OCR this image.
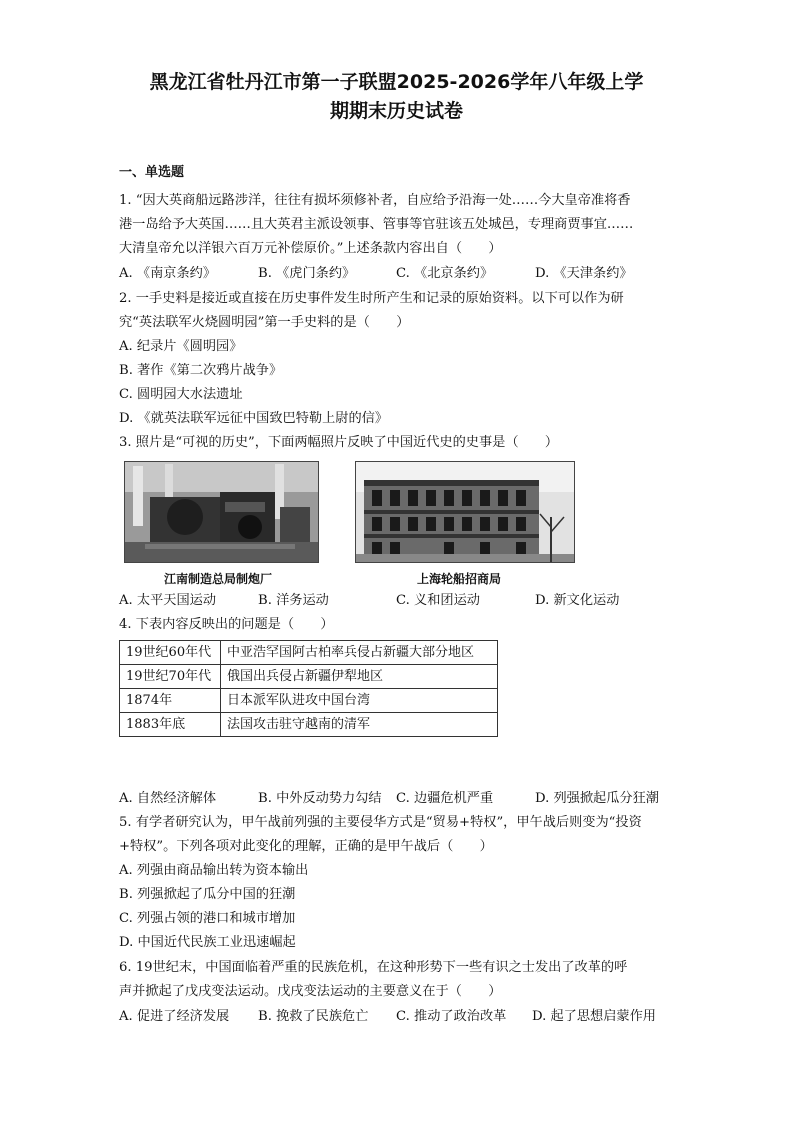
黑龙江省牡丹江市第一子联盟2025-2026学年八年级上学
期期末历史试卷
一、单选题
1. “因大英商船远路涉洋，往往有损坏须修补者，自应给予沿海一处……今大皇帝准将香
港一岛给予大英国……且大英君主派设领事、管事等官驻该五处城邑，专理商贾事宜……
大清皇帝允以洋银六百万元补偿原价。”上述条款内容出自（　　）
A. 《南京条约》	B. 《虎门条约》	C. 《北京条约》	D. 《天津条约》
2. 一手史料是接近或直接在历史事件发生时所产生和记录的原始资料。以下可以作为研
究“英法联军火烧圆明园”第一手史料的是（　　）
A. 纪录片《圆明园》
B. 著作《第二次鸦片战争》
C. 圆明园大水法遗址
D. 《就英法联军远征中国致巴特勒上尉的信》
3. 照片是“可视的历史”，下面两幅照片反映了中国近代史的史事是（　　）
江南制造总局制炮厂	上海轮船招商局
A. 太平天国运动	B. 洋务运动	C. 义和团运动	D. 新文化运动
4. 下表内容反映出的问题是（　　）
19世纪60年代	中亚浩罕国阿古柏率兵侵占新疆大部分地区
19世纪70年代	俄国出兵侵占新疆伊犁地区
1874年	日本派军队进攻中国台湾
1883年底	法国攻击驻守越南的清军
A. 自然经济解体	B. 中外反动势力勾结 C. 边疆危机严重	D. 列强掀起瓜分狂潮
5. 有学者研究认为，甲午战前列强的主要侵华方式是“贸易+特权”，甲午战后则变为“投资
+特权”。下列各项对此变化的理解，正确的是甲午战后（　　）
A. 列强由商品输出转为资本输出
B. 列强掀起了瓜分中国的狂潮
C. 列强占领的港口和城市增加
D. 中国近代民族工业迅速崛起
6. 19世纪末，中国面临着严重的民族危机，在这种形势下一些有识之士发出了改革的呼
声并掀起了戊戌变法运动。戊戌变法运动的主要意义在于（　　）
A. 促进了经济发展 B. 挽救了民族危亡 C. 推动了政治改革 D. 起了思想启蒙作用
